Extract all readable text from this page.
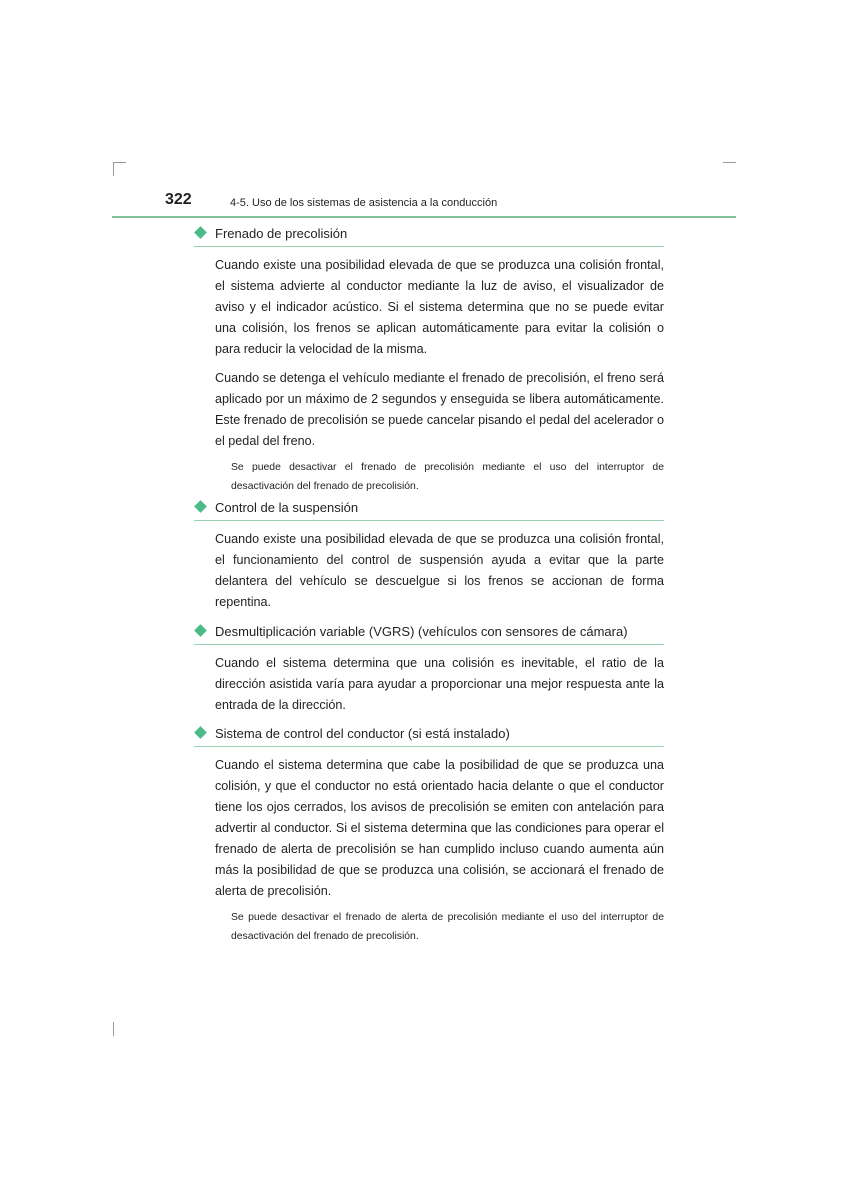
322	4-5. Uso de los sistemas de asistencia a la conducción
Frenado de precolisión

Cuando existe una posibilidad elevada de que se produzca una colisión frontal, el sistema advierte al conductor mediante la luz de aviso, el visualizador de aviso y el indicador acústico. Si el sistema determina que no se puede evitar una colisión, los frenos se aplican automáticamente para evitar la colisión o para reducir la velocidad de la misma.

Cuando se detenga el vehículo mediante el frenado de precolisión, el freno será aplicado por un máximo de 2 segundos y enseguida se libera automáticamente. Este frenado de precolisión se puede cancelar pisando el pedal del acelerador o el pedal del freno.

Se puede desactivar el frenado de precolisión mediante el uso del interruptor de desactivación del frenado de precolisión.

Control de la suspensión

Cuando existe una posibilidad elevada de que se produzca una colisión frontal, el funcionamiento del control de suspensión ayuda a evitar que la parte delantera del vehículo se descuelgue si los frenos se accionan de forma repentina.

Desmultiplicación variable (VGRS) (vehículos con sensores de cámara)

Cuando el sistema determina que una colisión es inevitable, el ratio de la dirección asistida varía para ayudar a proporcionar una mejor respuesta ante la entrada de la dirección.

Sistema de control del conductor (si está instalado)

Cuando el sistema determina que cabe la posibilidad de que se produzca una colisión, y que el conductor no está orientado hacia delante o que el conductor tiene los ojos cerrados, los avisos de precolisión se emiten con antelación para advertir al conductor. Si el sistema determina que las condiciones para operar el frenado de alerta de precolisión se han cumplido incluso cuando aumenta aún más la posibilidad de que se produzca una colisión, se accionará el frenado de alerta de precolisión.

Se puede desactivar el frenado de alerta de precolisión mediante el uso del interruptor de desactivación del frenado de precolisión.
